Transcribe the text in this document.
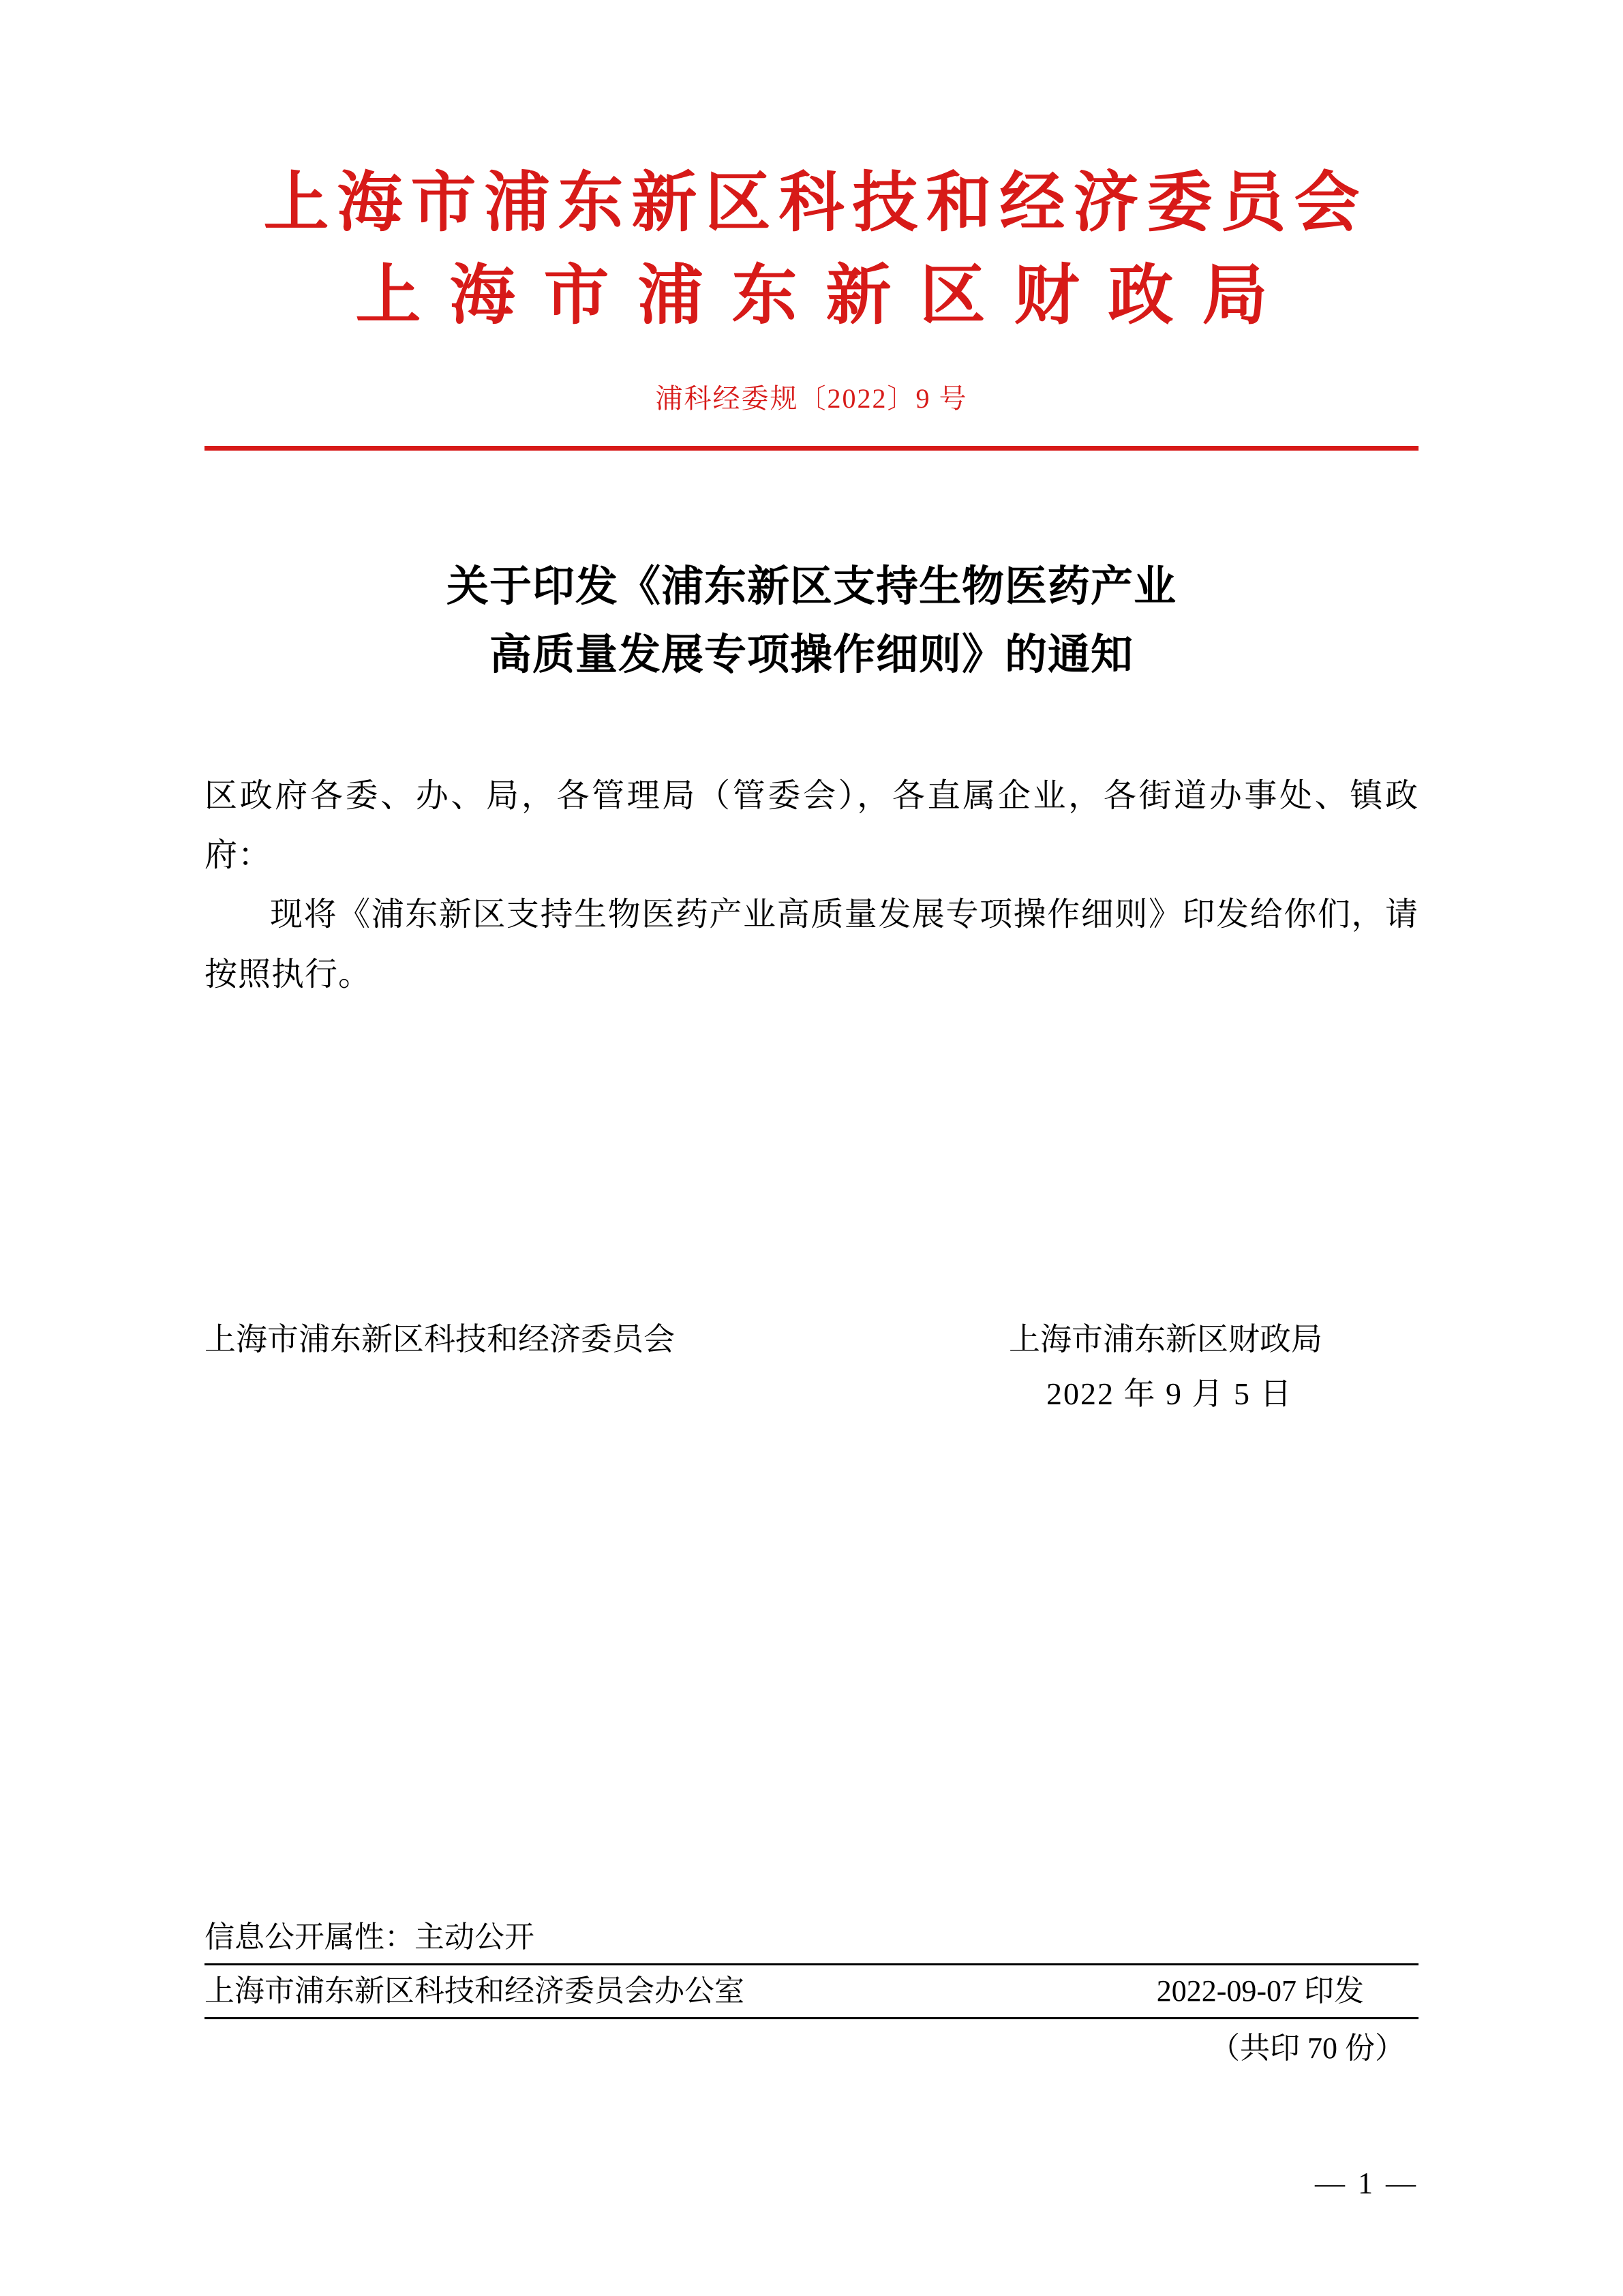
上海市浦东新区科技和经济委员会
上海市浦东新区财政局
浦科经委规〔2022〕9 号
关于印发《浦东新区支持生物医药产业
高质量发展专项操作细则》的通知

区政府各委、办、局，各管理局（管委会），各直属企业，各街道办事处、镇政府：

现将《浦东新区支持生物医药产业高质量发展专项操作细则》印发给你们，请按照执行。

上海市浦东新区科技和经济委员会	上海市浦东新区财政局
2022 年 9 月 5 日
信息公开属性：主动公开
上海市浦东新区科技和经济委员会办公室	2022-09-07 印发
（共印 70 份）
— 1 —
